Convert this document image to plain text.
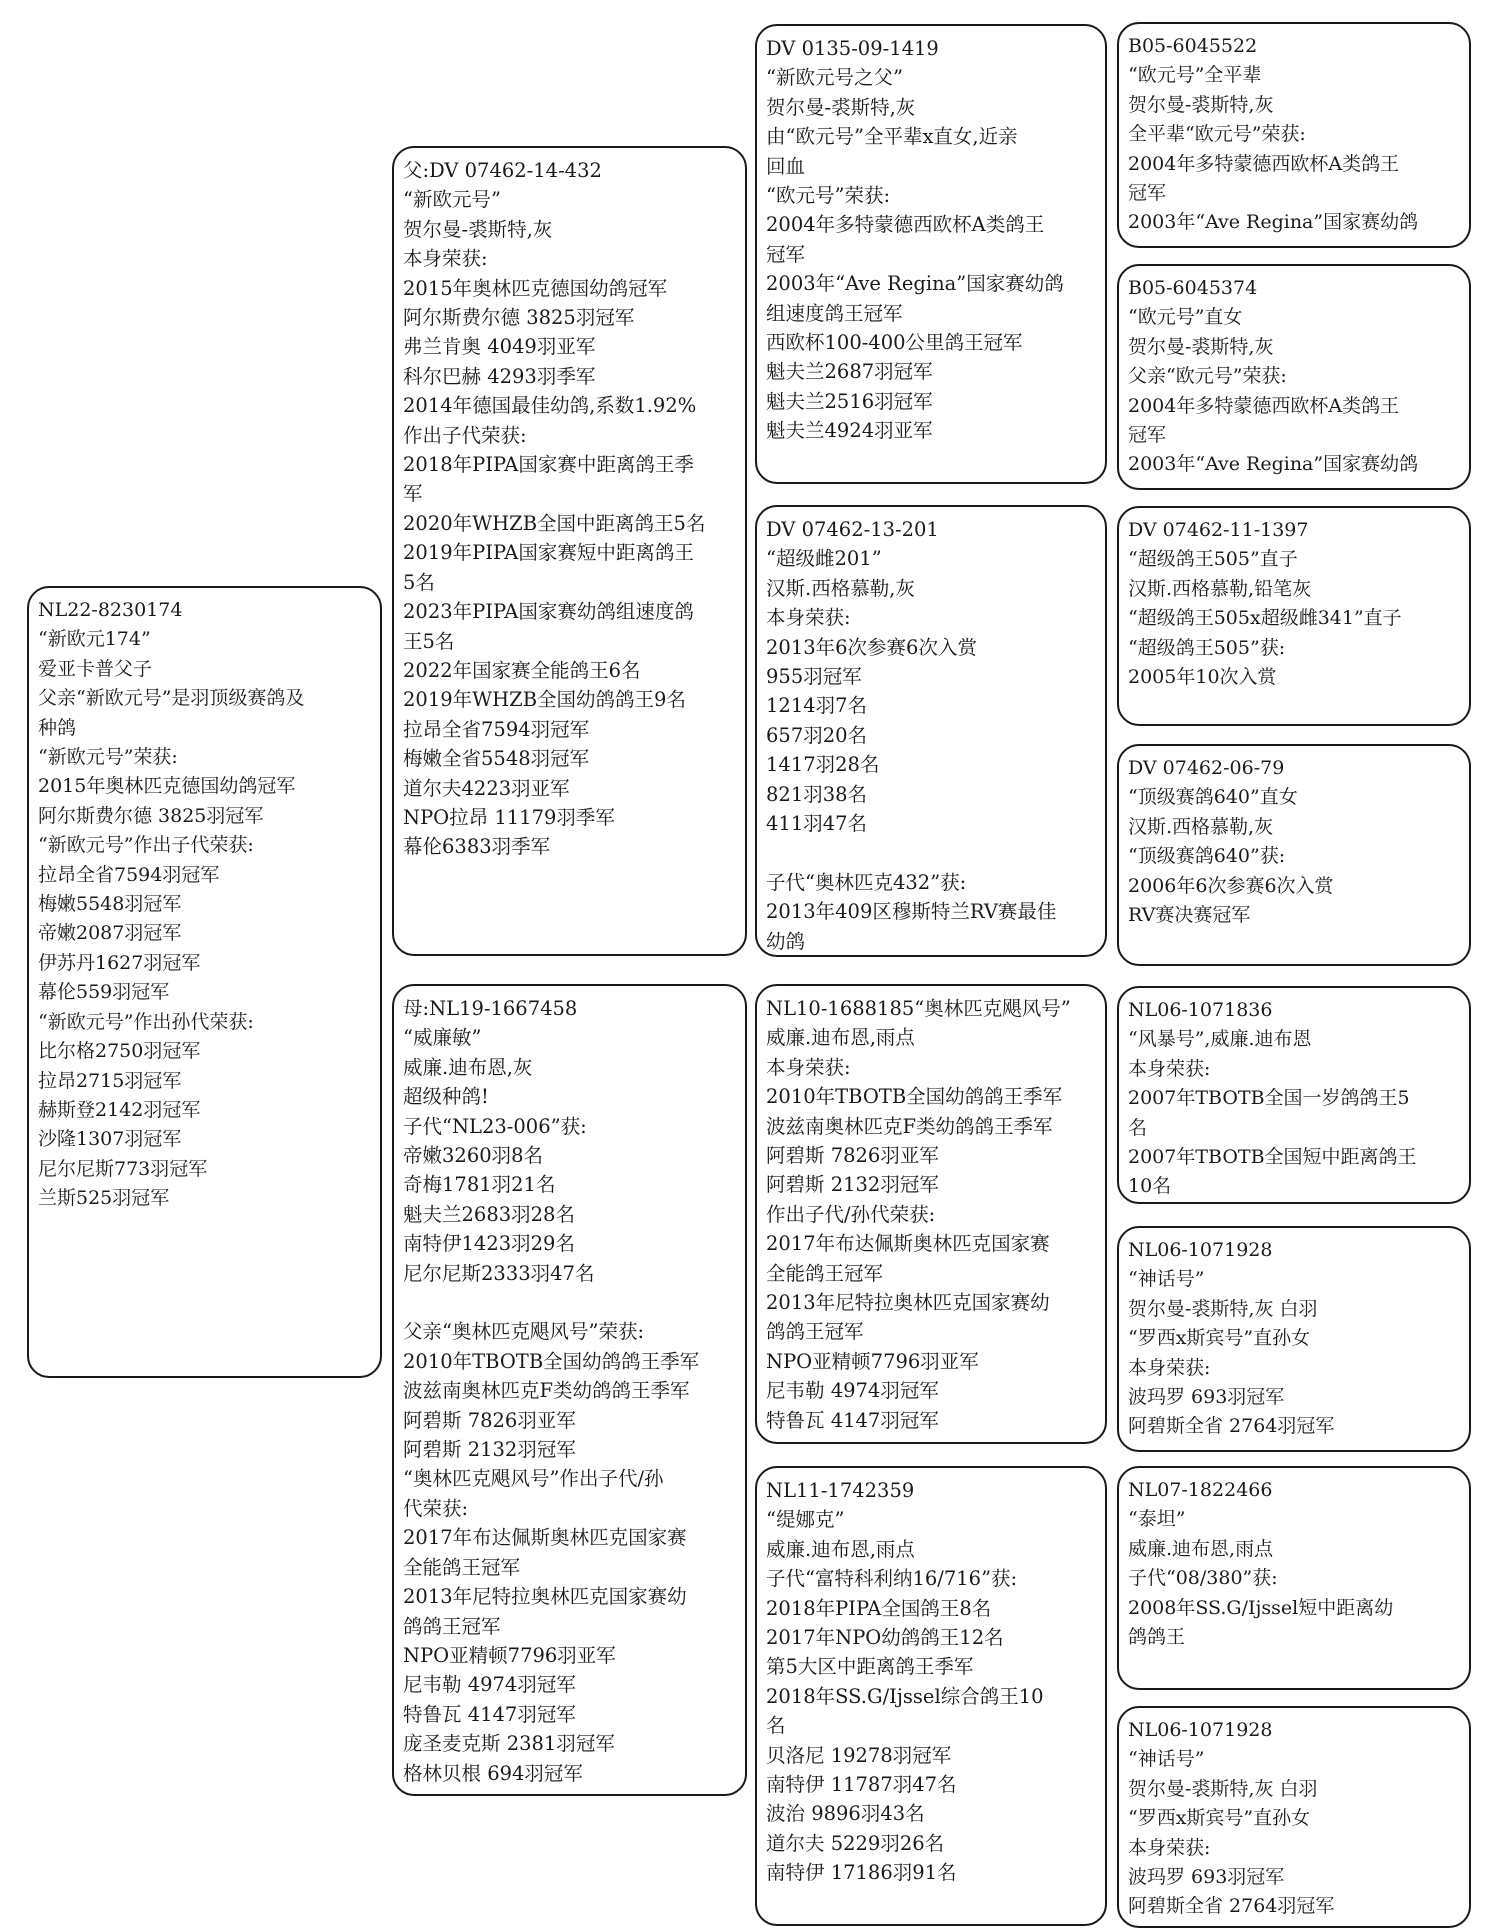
NL22-8230174
“新欧元174”
爱亚卡普父子
父亲“新欧元号”是羽顶级赛鸽及
种鸽
“新欧元号”荣获:
2015年奥林匹克德国幼鸽冠军
阿尔斯费尔德 3825羽冠军
“新欧元号”作出子代荣获:
拉昂全省7594羽冠军
梅嫩5548羽冠军
帝嫩2087羽冠军
伊苏丹1627羽冠军
幕伦559羽冠军
“新欧元号”作出孙代荣获:
比尔格2750羽冠军
拉昂2715羽冠军
赫斯登2142羽冠军
沙隆1307羽冠军
尼尔尼斯773羽冠军
兰斯525羽冠军
父:DV 07462-14-432
“新欧元号”
贺尔曼-裘斯特,灰
本身荣获:
2015年奥林匹克德国幼鸽冠军
阿尔斯费尔德 3825羽冠军
弗兰肯奥 4049羽亚军
科尔巴赫 4293羽季军
2014年德国最佳幼鸽,系数1.92%
作出子代荣获:
2018年PIPA国家赛中距离鸽王季
军
2020年WHZB全国中距离鸽王5名
2019年PIPA国家赛短中距离鸽王
5名
2023年PIPA国家赛幼鸽组速度鸽
王5名
2022年国家赛全能鸽王6名
2019年WHZB全国幼鸽鸽王9名
拉昂全省7594羽冠军
梅嫩全省5548羽冠军
道尔夫4223羽亚军
NPO拉昂 11179羽季军
幕伦6383羽季军
母:NL19-1667458
“威廉敏”
威廉.迪布恩,灰
超级种鸽!
子代“NL23-006”获:
帝嫩3260羽8名
奇梅1781羽21名
魁夫兰2683羽28名
南特伊1423羽29名
尼尔尼斯2333羽47名
父亲“奥林匹克飓风号”荣获:
2010年TBOTB全国幼鸽鸽王季军
波兹南奥林匹克F类幼鸽鸽王季军
阿碧斯 7826羽亚军
阿碧斯 2132羽冠军
“奥林匹克飓风号”作出子代/孙
代荣获:
2017年布达佩斯奥林匹克国家赛
全能鸽王冠军
2013年尼特拉奥林匹克国家赛幼
鸽鸽王冠军
NPO亚精顿7796羽亚军
尼韦勒 4974羽冠军
特鲁瓦 4147羽冠军
庞圣麦克斯 2381羽冠军
格林贝根 694羽冠军
DV 0135-09-1419
“新欧元号之父”
贺尔曼-裘斯特,灰
由“欧元号”全平辈x直女,近亲
回血
“欧元号”荣获:
2004年多特蒙德西欧杯A类鸽王
冠军
2003年“Ave Regina”国家赛幼鸽
组速度鸽王冠军
西欧杯100-400公里鸽王冠军
魁夫兰2687羽冠军
魁夫兰2516羽冠军
魁夫兰4924羽亚军
DV 07462-13-201
“超级雌201”
汉斯.西格慕勒,灰
本身荣获:
2013年6次参赛6次入赏
955羽冠军
1214羽7名
657羽20名
1417羽28名
821羽38名
411羽47名
子代“奥林匹克432”获:
2013年409区穆斯特兰RV赛最佳
幼鸽
NL10-1688185“奥林匹克飓风号”
威廉.迪布恩,雨点
本身荣获:
2010年TBOTB全国幼鸽鸽王季军
波兹南奥林匹克F类幼鸽鸽王季军
阿碧斯 7826羽亚军
阿碧斯 2132羽冠军
作出子代/孙代荣获:
2017年布达佩斯奥林匹克国家赛
全能鸽王冠军
2013年尼特拉奥林匹克国家赛幼
鸽鸽王冠军
NPO亚精顿7796羽亚军
尼韦勒 4974羽冠军
特鲁瓦 4147羽冠军
NL11-1742359
“缇娜克”
威廉.迪布恩,雨点
子代“富特科利纳16/716”获:
2018年PIPA全国鸽王8名
2017年NPO幼鸽鸽王12名
第5大区中距离鸽王季军
2018年SS.G/Ijssel综合鸽王10
名
贝洛尼 19278羽冠军
南特伊 11787羽47名
波治 9896羽43名
道尔夫 5229羽26名
南特伊 17186羽91名
B05-6045522
“欧元号”全平辈
贺尔曼-裘斯特,灰
全平辈“欧元号”荣获:
2004年多特蒙德西欧杯A类鸽王
冠军
2003年“Ave Regina”国家赛幼鸽
B05-6045374
“欧元号”直女
贺尔曼-裘斯特,灰
父亲“欧元号”荣获:
2004年多特蒙德西欧杯A类鸽王
冠军
2003年“Ave Regina”国家赛幼鸽
DV 07462-11-1397
“超级鸽王505”直子
汉斯.西格慕勒,铅笔灰
“超级鸽王505x超级雌341”直子
“超级鸽王505”获:
2005年10次入赏
DV 07462-06-79
“顶级赛鸽640”直女
汉斯.西格慕勒,灰
“顶级赛鸽640”获:
2006年6次参赛6次入赏
RV赛决赛冠军
NL06-1071836
“风暴号”,威廉.迪布恩
本身荣获:
2007年TBOTB全国一岁鸽鸽王5
名
2007年TBOTB全国短中距离鸽王
10名
NL06-1071928
“神话号”
贺尔曼-裘斯特,灰 白羽
“罗西x斯宾号”直孙女
本身荣获:
波玛罗 693羽冠军
阿碧斯全省 2764羽冠军
NL07-1822466
“泰坦”
威廉.迪布恩,雨点
子代“08/380”获:
2008年SS.G/Ijssel短中距离幼
鸽鸽王
NL06-1071928
“神话号”
贺尔曼-裘斯特,灰 白羽
“罗西x斯宾号”直孙女
本身荣获:
波玛罗 693羽冠军
阿碧斯全省 2764羽冠军
